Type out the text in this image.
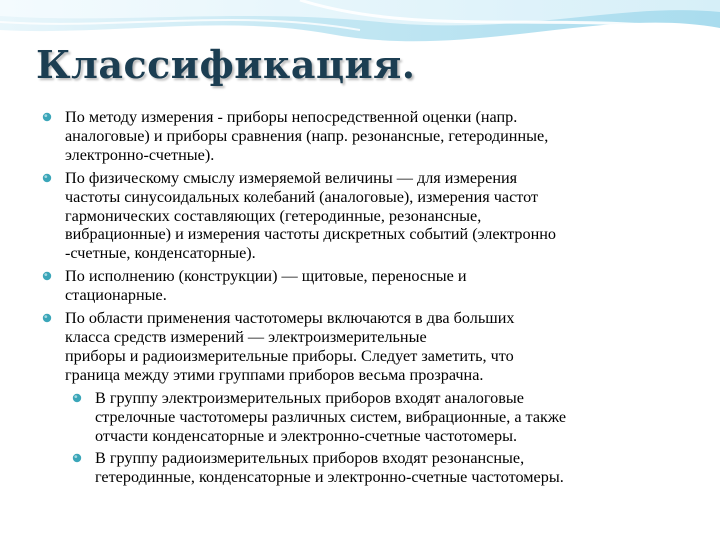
Классификация.
По методу измерения - приборы непосредственной оценки (напр.
аналоговые) и приборы сравнения (напр. резонансные, гетеродинные,
электронно-счетные).
По физическому смыслу измеряемой величины — для измерения
частоты синусоидальных колебаний (аналоговые), измерения частот
гармонических составляющих (гетеродинные, резонансные,
вибрационные) и измерения частоты дискретных событий (электронно
-счетные, конденсаторные).
По исполнению (конструкции) — щитовые, переносные и
стационарные.
По области применения частотомеры включаются в два больших
класса средств измерений — электроизмерительные
приборы и радиоизмерительные приборы. Следует заметить, что
граница между этими группами приборов весьма прозрачна.
В группу электроизмерительных приборов входят аналоговые
стрелочные частотомеры различных систем, вибрационные, а также
отчасти конденсаторные и электронно-счетные частотомеры.
В группу радиоизмерительных приборов входят резонансные,
гетеродинные, конденсаторные и электронно-счетные частотомеры.
